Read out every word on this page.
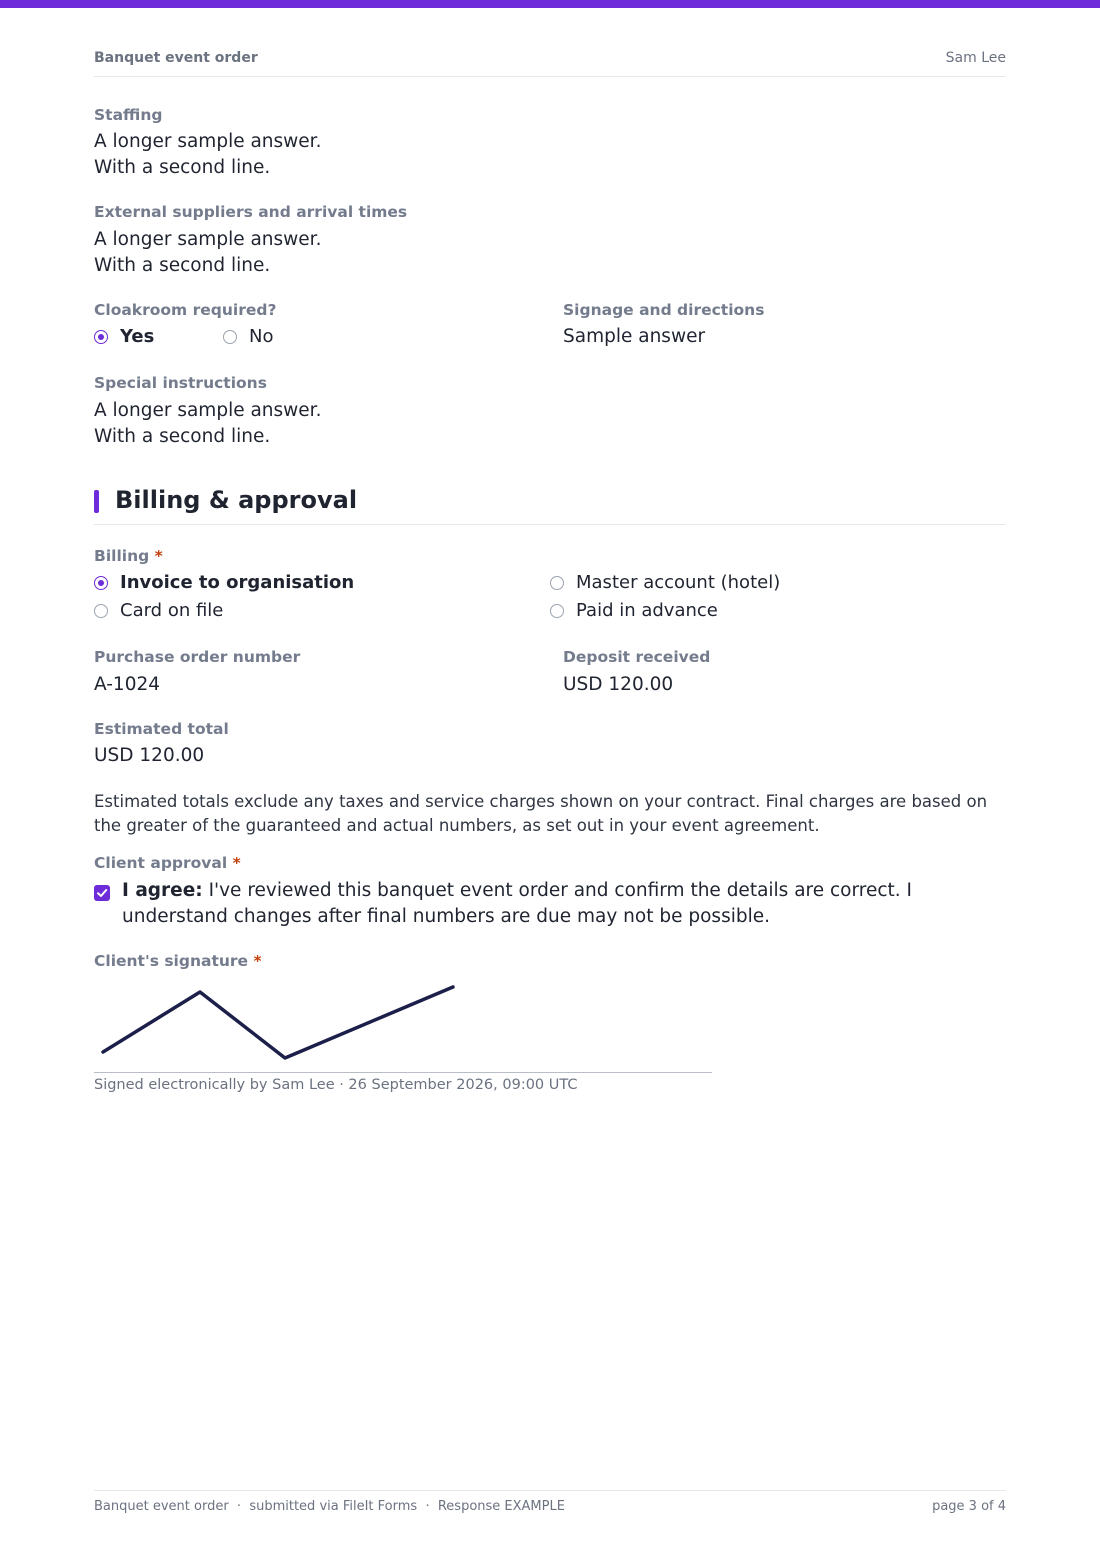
Banquet event order	Sam Lee
Staffing
A longer sample answer.
With a second line.
External suppliers and arrival times
A longer sample answer.
With a second line.
Cloakroom required?
Yes	No
Signage and directions
Sample answer
Special instructions
A longer sample answer.
With a second line.
Billing & approval
Billing *
Invoice to organisation	Master account (hotel)
Card on file	Paid in advance
Purchase order number
A-1024
Deposit received
USD 120.00
Estimated total
USD 120.00
Estimated totals exclude any taxes and service charges shown on your contract. Final charges are based on the greater of the guaranteed and actual numbers, as set out in your event agreement.
Client approval *
I agree: I've reviewed this banquet event order and confirm the details are correct. I understand changes after final numbers are due may not be possible.
Client's signature *
Signed electronically by Sam Lee · 26 September 2026, 09:00 UTC
Banquet event order  ·  submitted via FileIt Forms  ·  Response EXAMPLE	page 3 of 4
